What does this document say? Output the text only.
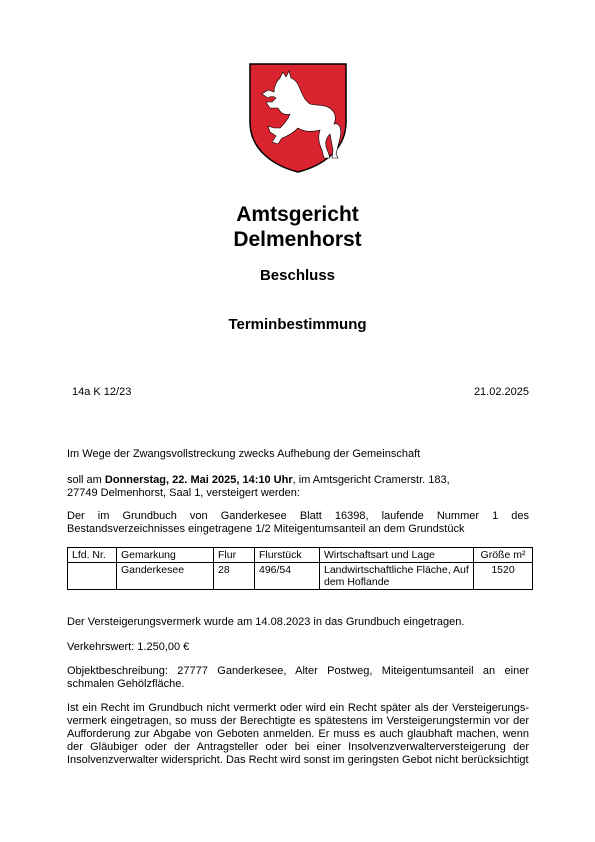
Amtsgericht
Delmenhorst
Beschluss
Terminbestimmung
14a K 12/23	21.02.2025
Im Wege der Zwangsvollstreckung zwecks Aufhebung der Gemeinschaft
soll am Donnerstag, 22. Mai 2025, 14:10 Uhr, im Amtsgericht Cramerstr. 183,
27749 Delmenhorst, Saal 1, versteigert werden:
Der im Grundbuch von Ganderkesee Blatt 16398, laufende Nummer 1 des Bestandsverzeichnisses eingetragene 1/2 Miteigentumsanteil an dem Grundstück
Lfd. Nr.	Gemarkung	Flur	Flurstück	Wirtschaftsart und Lage	Größe m²
	Ganderkesee	28	496/54	Landwirtschaftliche Fläche, Auf dem Hoflande	1520
Der Versteigerungsvermerk wurde am 14.08.2023 in das Grundbuch eingetragen.
Verkehrswert: 1.250,00 €
Objektbeschreibung: 27777 Ganderkesee, Alter Postweg, Miteigentumsanteil an einer schmalen Gehölzfläche.
Ist ein Recht im Grundbuch nicht vermerkt oder wird ein Recht später als der Versteigerungs-vermerk eingetragen, so muss der Berechtigte es spätestens im Versteigerungstermin vor der Aufforderung zur Abgabe von Geboten anmelden. Er muss es auch glaubhaft machen, wenn der Gläubiger oder der Antragsteller oder bei einer Insolvenzverwalterversteigerung der Insolvenzverwalter widerspricht. Das Recht wird sonst im geringsten Gebot nicht berücksichtigt
